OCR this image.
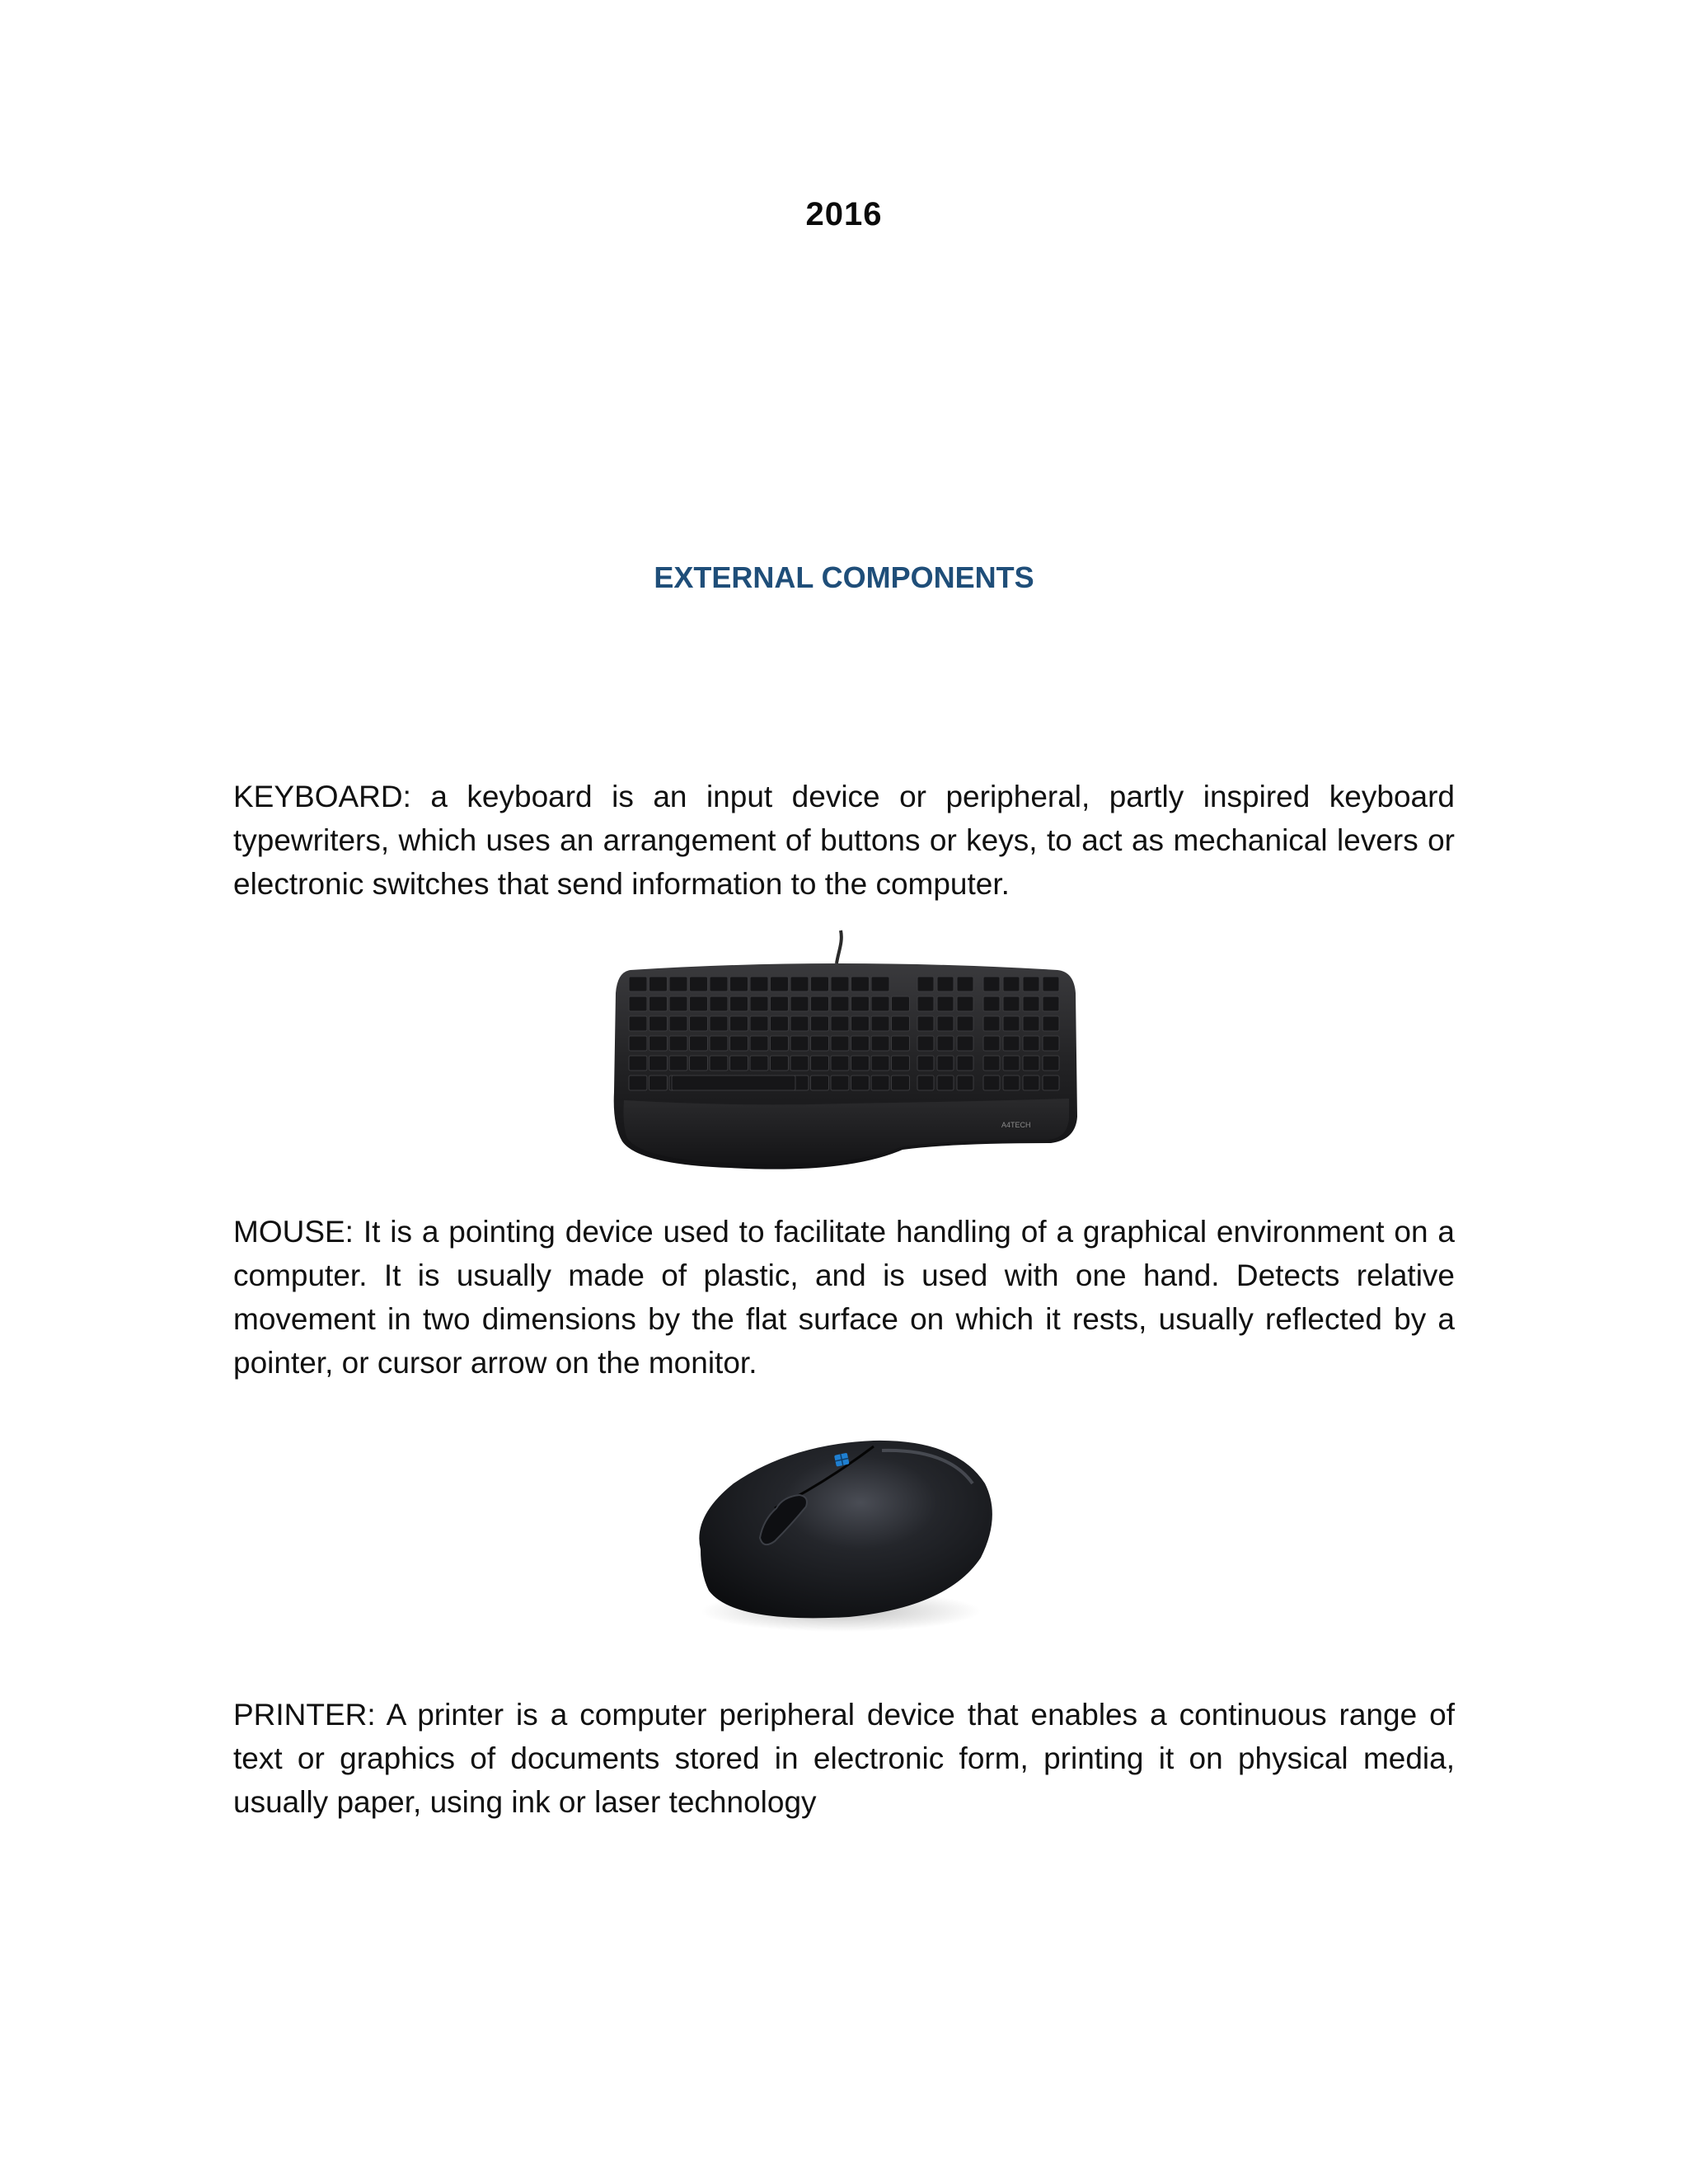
2016
EXTERNAL COMPONENTS

KEYBOARD: a keyboard is an input device or peripheral, partly inspired keyboard typewriters, which uses an arrangement of buttons or keys, to act as mechanical levers or electronic switches that send information to the computer.

A4TECH

MOUSE: It is a pointing device used to facilitate handling of a graphical environment on a computer. It is usually made of plastic, and is used with one hand. Detects relative movement in two dimensions by the flat surface on which it rests, usually reflected by a pointer, or cursor arrow on the monitor.

PRINTER: A printer is a computer peripheral device that enables a continuous range of text or graphics of documents stored in electronic form, printing it on physical media, usually paper, using ink or laser technology
